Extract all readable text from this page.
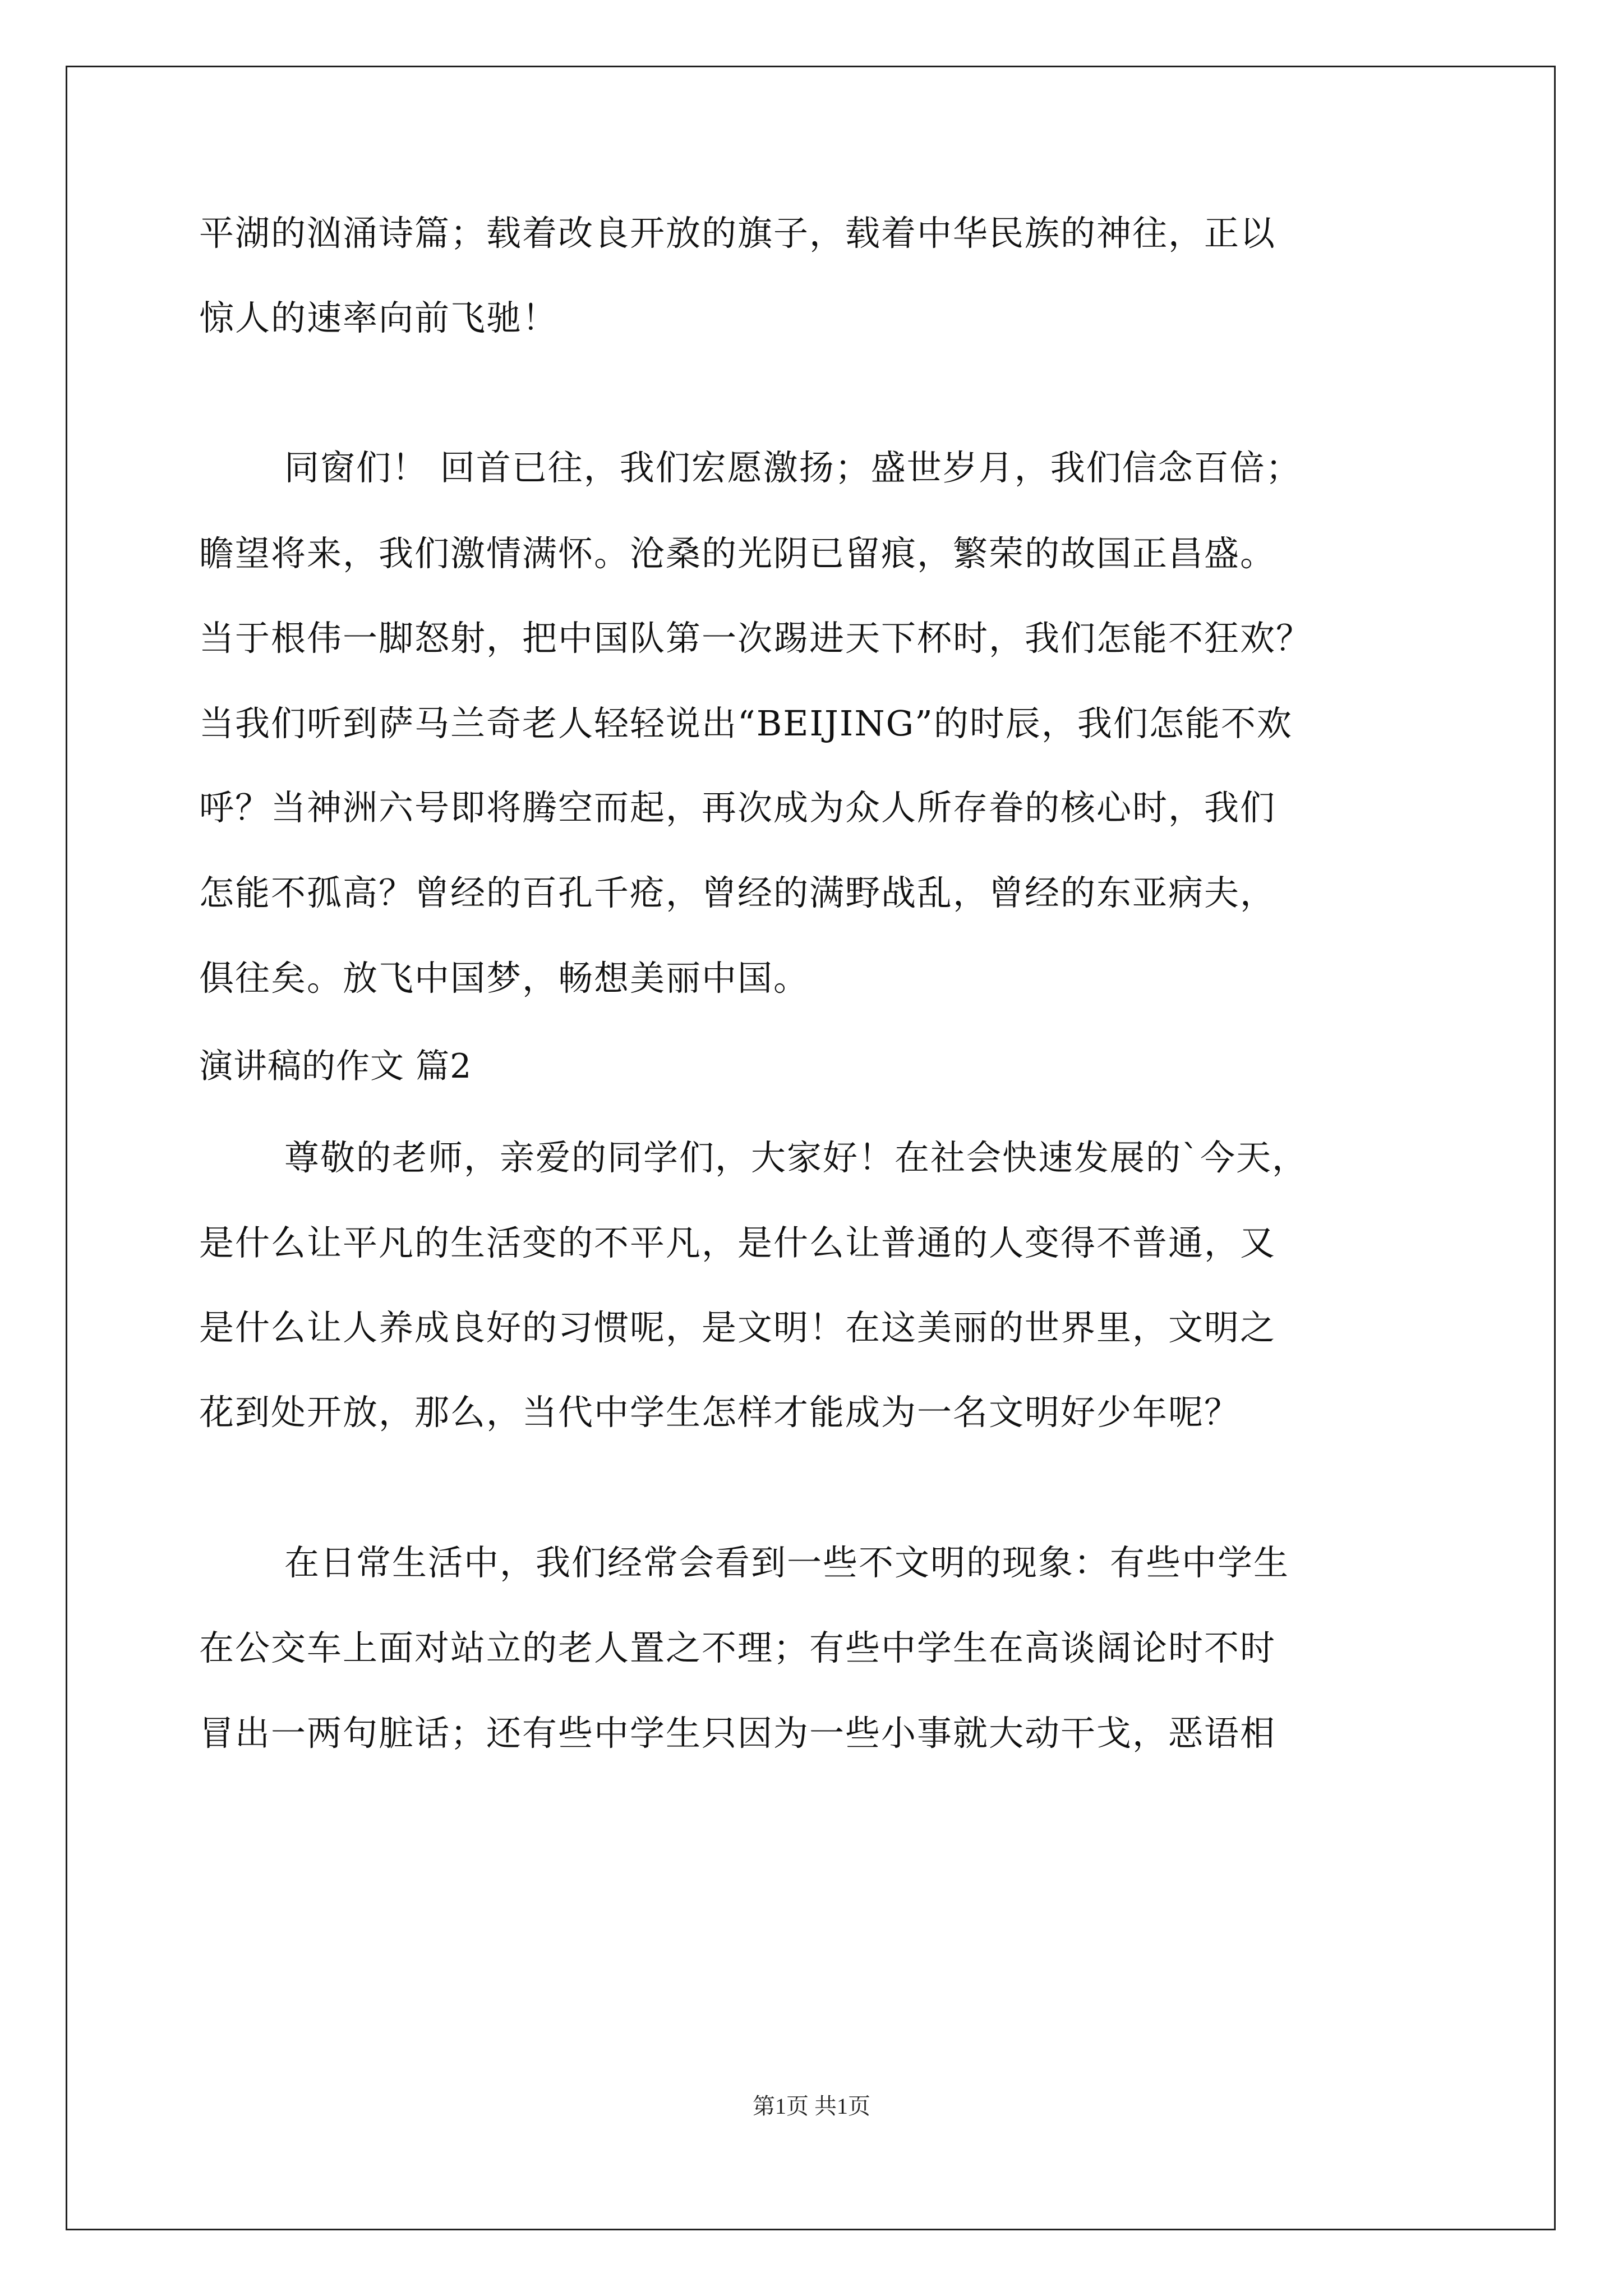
平湖的汹涌诗篇；载着改良开放的旗子，载着中华民族的神往，正以
惊人的速率向前飞驰！
同窗们！ 回首已往，我们宏愿激扬；盛世岁月，我们信念百倍；
瞻望将来，我们激情满怀。沧桑的光阴已留痕，繁荣的故国正昌盛。
当于根伟一脚怒射，把中国队第一次踢进天下杯时，我们怎能不狂欢？
当我们听到萨马兰奇老人轻轻说出“BEIJING”的时辰，我们怎能不欢
呼？当神洲六号即将腾空而起，再次成为众人所存眷的核心时，我们
怎能不孤高？曾经的百孔千疮，曾经的满野战乱，曾经的东亚病夫，
俱往矣。放飞中国梦，畅想美丽中国。
演讲稿的作文 篇2
尊敬的老师，亲爱的同学们，大家好！在社会快速发展的`今天，
是什么让平凡的生活变的不平凡，是什么让普通的人变得不普通，又
是什么让人养成良好的习惯呢，是文明！在这美丽的世界里，文明之
花到处开放，那么，当代中学生怎样才能成为一名文明好少年呢？
在日常生活中，我们经常会看到一些不文明的现象：有些中学生
在公交车上面对站立的老人置之不理；有些中学生在高谈阔论时不时
冒出一两句脏话；还有些中学生只因为一些小事就大动干戈，恶语相
第1页 共1页
